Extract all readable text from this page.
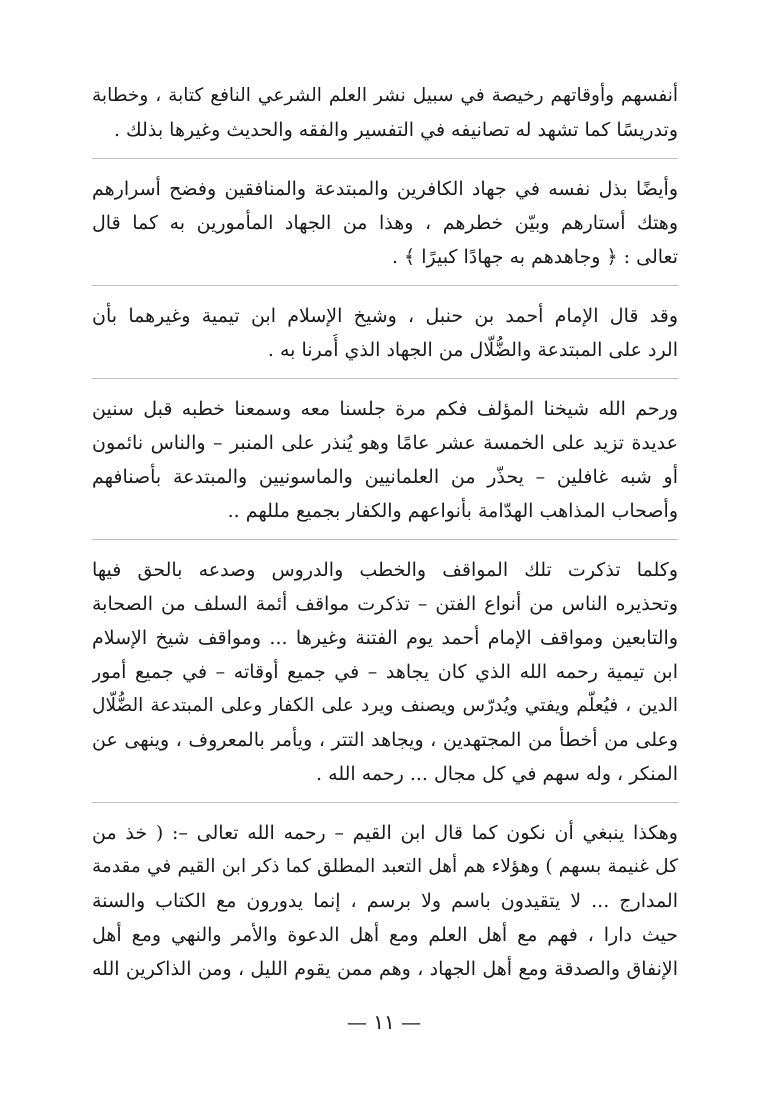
أنفسهم وأوقاتهم رخيصة في سبيل نشر العلم الشرعي النافع كتابة ، وخطابة
وتدريسًا كما تشهد له تصانيفه في التفسير والفقه والحديث وغيرها بذلك .
وأيضًا بذل نفسه في جهاد الكافرين والمبتدعة والمنافقين وفضح أسرارهم
وهتك أستارهم وبيّن خطرهم ، وهذا من الجهاد المأمورين به كما قال
تعالى : ﴿ وجاهدهم به جهادًا كبيرًا ﴾ .
وقد قال الإمام أحمد بن حنبل ، وشيخ الإسلام ابن تيمية وغيرهما بأن
الرد على المبتدعة والضُّلّال من الجهاد الذي أُمرنا به .
ورحم الله شيخنا المؤلف فكم مرة جلسنا معه وسمعنا خطبه قبل سنين
عديدة تزيد على الخمسة عشر عامًا وهو يُنذر على المنبر – والناس نائمون
أو شبه غافلين – يحذّر من العلمانيين والماسونيين والمبتدعة بأصنافهم
وأصحاب المذاهب الهدّامة بأنواعهم والكفار بجميع مللهم ..
وكلما تذكرت تلك المواقف والخطب والدروس وصدعه بالحق فيها
وتحذيره الناس من أنواع الفتن – تذكرت مواقف أئمة السلف من الصحابة
والتابعين ومواقف الإمام أحمد يوم الفتنة وغيرها ... ومواقف شيخ الإسلام
ابن تيمية رحمه الله الذي كان يجاهد – في جميع أوقاته – في جميع أمور
الدين ، فيُعلّم ويفتي ويُدرّس ويصنف ويرد على الكفار وعلى المبتدعة الضُّلّال
وعلى من أخطأ من المجتهدين ، ويجاهد التتر ، ويأمر بالمعروف ، وينهى عن
المنكر ، وله سهم في كل مجال ... رحمه الله .
وهكذا ينبغي أن نكون كما قال ابن القيم – رحمه الله تعالى –: ( خذ من
كل غنيمة بسهم ) وهؤلاء هم أهل التعبد المطلق كما ذكر ابن القيم في مقدمة
المدارج ... لا يتقيدون باسم ولا برسم ، إنما يدورون مع الكتاب والسنة
حيث دارا ، فهم مع أهل العلم ومع أهل الدعوة والأمر والنهي ومع أهل
الإنفاق والصدقة ومع أهل الجهاد ، وهم ممن يقوم الليل ، ومن الذاكرين الله
— ١١ —
